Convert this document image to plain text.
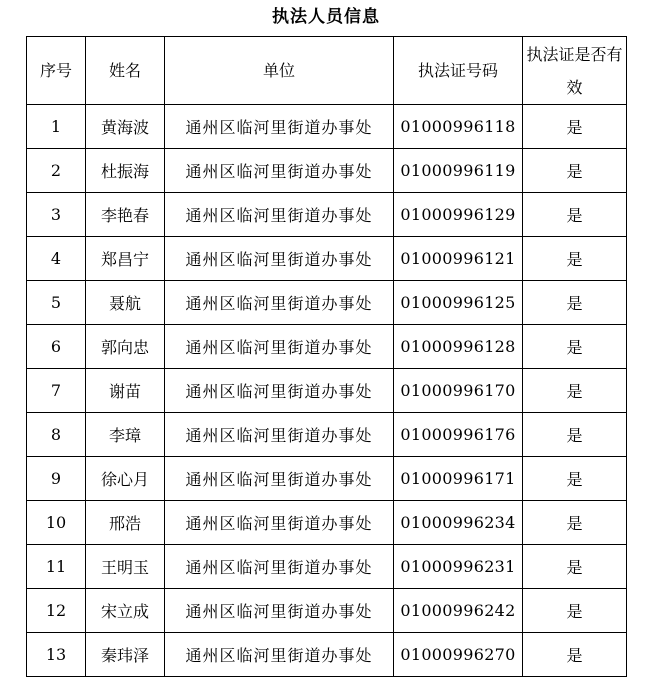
执法人员信息
序号	姓名	单位	执法证号码	执法证是否有效
1	黄海波	通州区临河里街道办事处	01000996118	是
2	杜振海	通州区临河里街道办事处	01000996119	是
3	李艳春	通州区临河里街道办事处	01000996129	是
4	郑昌宁	通州区临河里街道办事处	01000996121	是
5	聂航	通州区临河里街道办事处	01000996125	是
6	郭向忠	通州区临河里街道办事处	01000996128	是
7	谢苗	通州区临河里街道办事处	01000996170	是
8	李璋	通州区临河里街道办事处	01000996176	是
9	徐心月	通州区临河里街道办事处	01000996171	是
10	邢浩	通州区临河里街道办事处	01000996234	是
11	王明玉	通州区临河里街道办事处	01000996231	是
12	宋立成	通州区临河里街道办事处	01000996242	是
13	秦玮泽	通州区临河里街道办事处	01000996270	是
